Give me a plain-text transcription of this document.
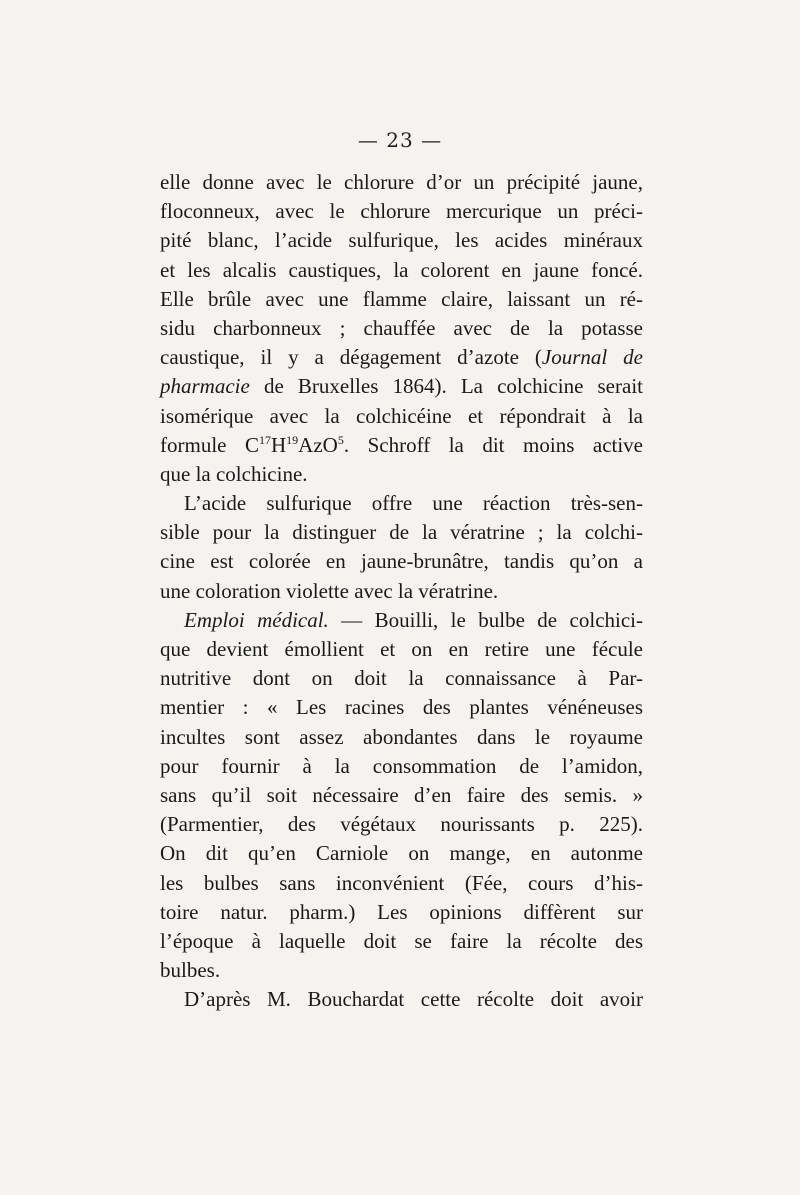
— 23 —
elle donne avec le chlorure d’or un précipité jaune,
floconneux, avec le chlorure mercurique un préci-
pité blanc, l’acide sulfurique, les acides minéraux
et les alcalis caustiques, la colorent en jaune foncé.
Elle brûle avec une flamme claire, laissant un ré-
sidu charbonneux ; chauffée avec de la potasse
caustique, il y a dégagement d’azote (Journal de
pharmacie de Bruxelles 1864). La colchicine serait
isomérique avec la colchicéine et répondrait à la
formule $C^{17}H^{19}AzO^5$. Schroff la dit moins active
que la colchicine.
L’acide sulfurique offre une réaction très-sen-
sible pour la distinguer de la vératrine ; la colchi-
cine est colorée en jaune-brunâtre, tandis qu’on a
une coloration violette avec la vératrine.
Emploi médical. — Bouilli, le bulbe de colchici-
que devient émollient et on en retire une fécule
nutritive dont on doit la connaissance à Par-
mentier : « Les racines des plantes vénéneuses
incultes sont assez abondantes dans le royaume
pour fournir à la consommation de l’amidon,
sans qu’il soit nécessaire d’en faire des semis. »
(Parmentier, des végétaux nourissants p. 225).
On dit qu’en Carniole on mange, en autonme
les bulbes sans inconvénient (Fée, cours d’his-
toire natur. pharm.) Les opinions diffèrent sur
l’époque à laquelle doit se faire la récolte des
bulbes.
D’après M. Bouchardat cette récolte doit avoir
